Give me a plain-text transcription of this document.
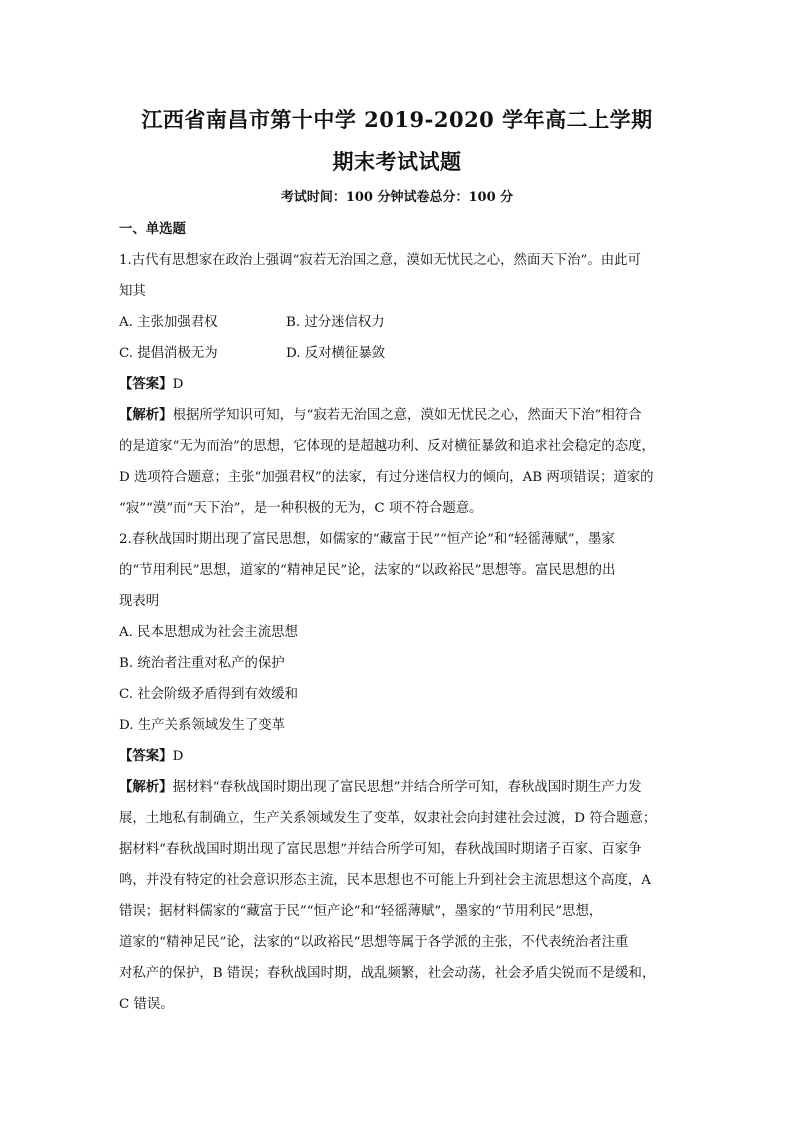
江西省南昌市第十中学 2019-2020 学年高二上学期
期末考试试题
考试时间：100 分钟试卷总分：100 分
一、单选题
1.古代有思想家在政治上强调“寂若无治国之意，漠如无忧民之心，然面天下治”。由此可
知其
A. 主张加强君权	B. 过分迷信权力
C. 提倡消极无为	D. 反对横征暴敛
【答案】D
【解析】根据所学知识可知，与“寂若无治国之意，漠如无忧民之心，然面天下治”相符合
的是道家“无为而治”的思想，它体现的是超越功利、反对横征暴敛和追求社会稳定的态度，
D 选项符合题意；主张“加强君权”的法家，有过分迷信权力的倾向，AB 两项错误；道家的
“寂”“漠”而“天下治”，是一种积极的无为，C 项不符合题意。
2.春秋战国时期出现了富民思想，如儒家的“藏富于民”“恒产论”和“轻徭薄赋”，墨家
的“节用利民”思想，道家的“精神足民”论，法家的“以政裕民”思想等。富民思想的出
现表明
A. 民本思想成为社会主流思想
B. 统治者注重对私产的保护
C. 社会阶级矛盾得到有效缓和
D. 生产关系领域发生了变革
【答案】D
【解析】据材料“春秋战国时期出现了富民思想”并结合所学可知，春秋战国时期生产力发
展，土地私有制确立，生产关系领域发生了变革，奴隶社会向封建社会过渡，D 符合题意；
据材料“春秋战国时期出现了富民思想”并结合所学可知，春秋战国时期诸子百家、百家争
鸣，并没有特定的社会意识形态主流，民本思想也不可能上升到社会主流思想这个高度，A
错误；据材料儒家的“藏富于民”“恒产论”和“轻徭薄赋”，墨家的“节用利民”思想，
道家的“精神足民”论，法家的“以政裕民”思想等属于各学派的主张，不代表统治者注重
对私产的保护，B 错误；春秋战国时期，战乱频繁，社会动荡，社会矛盾尖锐而不是缓和，
C 错误。
